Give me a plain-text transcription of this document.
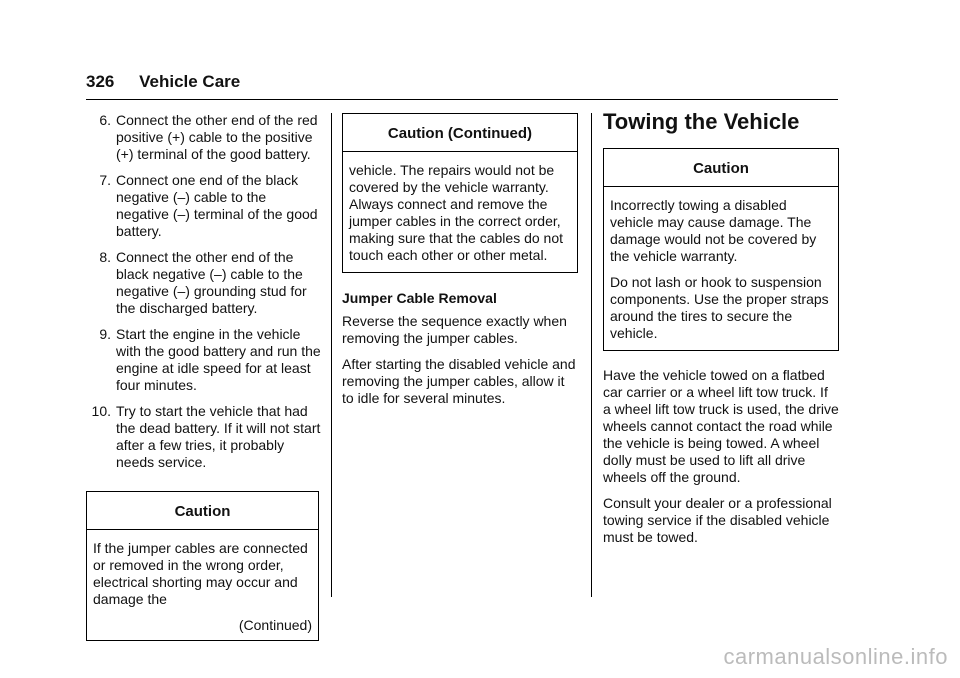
326 Vehicle Care
6. Connect the other end of the red positive (+) cable to the positive (+) terminal of the good battery.
7. Connect one end of the black negative (–) cable to the negative (–) terminal of the good battery.
8. Connect the other end of the black negative (–) cable to the negative (–) grounding stud for the discharged battery.
9. Start the engine in the vehicle with the good battery and run the engine at idle speed for at least four minutes.
10. Try to start the vehicle that had the dead battery. If it will not start after a few tries, it probably needs service.
Caution

If the jumper cables are connected or removed in the wrong order, electrical shorting may occur and damage the

(Continued)
Caution (Continued)

vehicle. The repairs would not be covered by the vehicle warranty. Always connect and remove the jumper cables in the correct order, making sure that the cables do not touch each other or other metal.

Jumper Cable Removal

Reverse the sequence exactly when removing the jumper cables.

After starting the disabled vehicle and removing the jumper cables, allow it to idle for several minutes.

Towing the Vehicle
Caution

Incorrectly towing a disabled vehicle may cause damage. The damage would not be covered by the vehicle warranty.

Do not lash or hook to suspension components. Use the proper straps around the tires to secure the vehicle.

Have the vehicle towed on a flatbed car carrier or a wheel lift tow truck. If a wheel lift tow truck is used, the drive wheels cannot contact the road while the vehicle is being towed. A wheel dolly must be used to lift all drive wheels off the ground.

Consult your dealer or a professional towing service if the disabled vehicle must be towed.

carmanualsonline.info
